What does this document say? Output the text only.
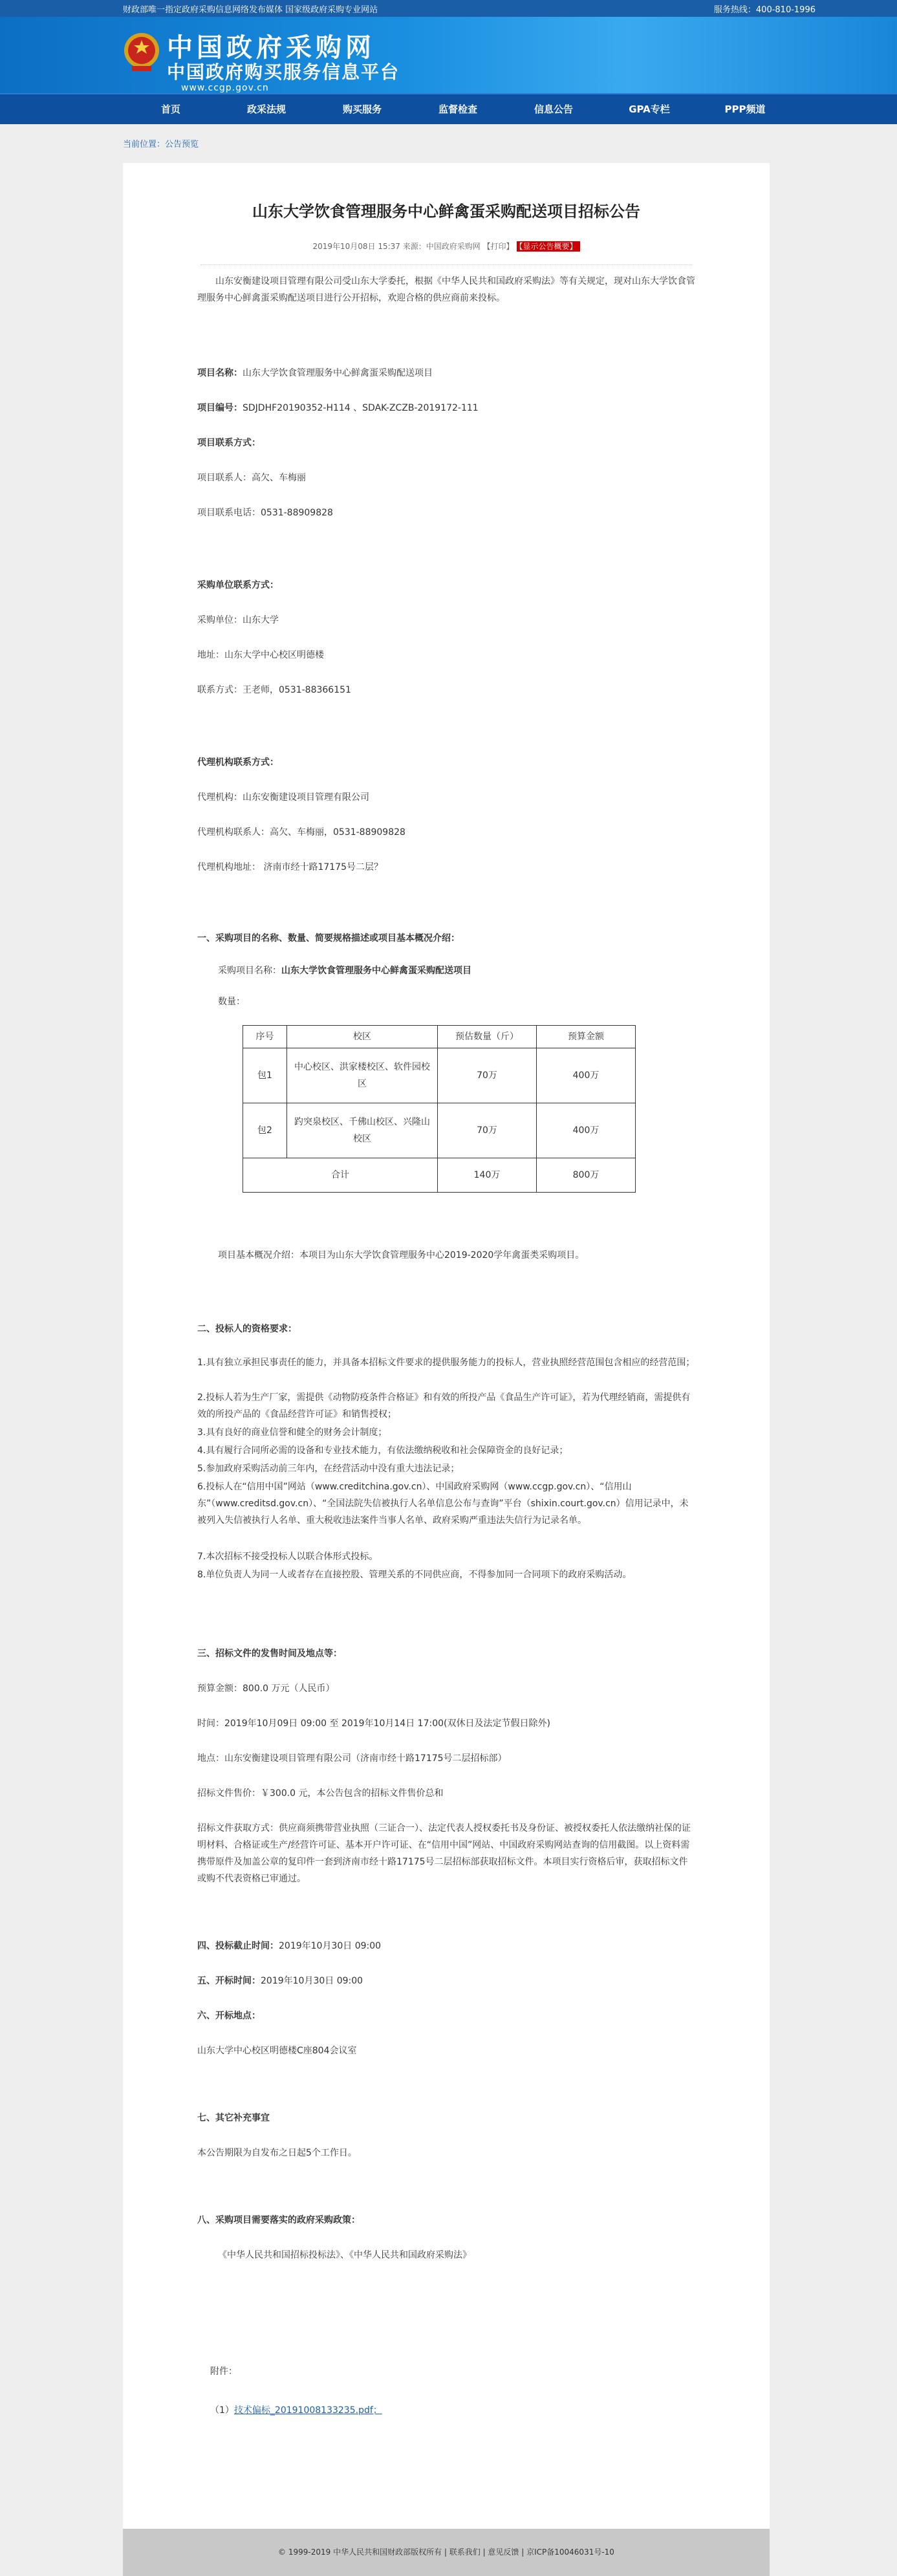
财政部唯一指定政府采购信息网络发布媒体 国家级政府采购专业网站	服务热线：400-810-1996
中国政府采购网
中国政府购买服务信息平台
www.ccgp.gov.cn
首页	政采法规	购买服务	监督检查	信息公告	GPA专栏	PPP频道
当前位置：公告预览
山东大学饮食管理服务中心鲜禽蛋采购配送项目招标公告
2019年10月08日 15:37 来源：中国政府采购网 【打印】 【显示公告概要】

山东安衡建设项目管理有限公司受山东大学委托，根据《中华人民共和国政府采购法》等有关规定，现对山东大学饮食管理服务中心鲜禽蛋采购配送项目进行公开招标，欢迎合格的供应商前来投标。

项目名称：山东大学饮食管理服务中心鲜禽蛋采购配送项目

项目编号：SDJDHF20190352-H114 、SDAK-ZCZB-2019172-111

项目联系方式：

项目联系人：高欠、车梅丽

项目联系电话：0531-88909828

采购单位联系方式：

采购单位：山东大学

地址：山东大学中心校区明德楼

联系方式：王老师，0531-88366151

代理机构联系方式：

代理机构：山东安衡建设项目管理有限公司

代理机构联系人：高欠、车梅丽，0531-88909828

代理机构地址： 济南市经十路17175号二层？

一、采购项目的名称、数量、简要规格描述或项目基本概况介绍：

采购项目名称：山东大学饮食管理服务中心鲜禽蛋采购配送项目

数量：

序号	校区	预估数量（斤）	预算金额
包1	中心校区、洪家楼校区、软件园校区	70万	400万
包2	趵突泉校区、千佛山校区、兴隆山校区	70万	400万
合计		140万	800万

项目基本概况介绍：本项目为山东大学饮食管理服务中心2019-2020学年禽蛋类采购项目。

二、投标人的资格要求：

1.具有独立承担民事责任的能力，并具备本招标文件要求的提供服务能力的投标人，营业执照经营范围包含相应的经营范围；

2.投标人若为生产厂家，需提供《动物防疫条件合格证》和有效的所投产品《食品生产许可证》，若为代理经销商，需提供有效的所投产品的《食品经营许可证》和销售授权；

3.具有良好的商业信誉和健全的财务会计制度；

4.具有履行合同所必需的设备和专业技术能力，有依法缴纳税收和社会保障资金的良好记录；

5.参加政府采购活动前三年内，在经营活动中没有重大违法记录；

6.投标人在“信用中国”网站（www.creditchina.gov.cn）、中国政府采购网（www.ccgp.gov.cn）、“信用山东”（www.creditsd.gov.cn）、“全国法院失信被执行人名单信息公布与查询”平台（shixin.court.gov.cn）信用记录中，未被列入失信被执行人名单、重大税收违法案件当事人名单、政府采购严重违法失信行为记录名单。

7.本次招标不接受投标人以联合体形式投标。

8.单位负责人为同一人或者存在直接控股、管理关系的不同供应商，不得参加同一合同项下的政府采购活动。

三、招标文件的发售时间及地点等：

预算金额：800.0 万元（人民币）

时间：2019年10月09日 09:00 至 2019年10月14日 17:00(双休日及法定节假日除外)

地点：山东安衡建设项目管理有限公司（济南市经十路17175号二层招标部）

招标文件售价：￥300.0 元，本公告包含的招标文件售价总和

招标文件获取方式：供应商须携带营业执照（三证合一）、法定代表人授权委托书及身份证、被授权委托人依法缴纳社保的证明材料、合格证或生产/经营许可证、基本开户许可证、在“信用中国”网站、中国政府采购网站查询的信用截图。以上资料需携带原件及加盖公章的复印件一套到济南市经十路17175号二层招标部获取招标文件。本项目实行资格后审，获取招标文件或购不代表资格已审通过。

四、投标截止时间：2019年10月30日 09:00

五、开标时间：2019年10月30日 09:00

六、开标地点：

山东大学中心校区明德楼C座804会议室

七、其它补充事宜

本公告期限为自发布之日起5个工作日。

八、采购项目需要落实的政府采购政策：

《中华人民共和国招标投标法》、《中华人民共和国政府采购法》

附件：

（1）技术偏标_20191008133235.pdf；

© 1999-2019 中华人民共和国财政部版权所有 | 联系我们 | 意见反馈 | 京ICP备10046031号-10
